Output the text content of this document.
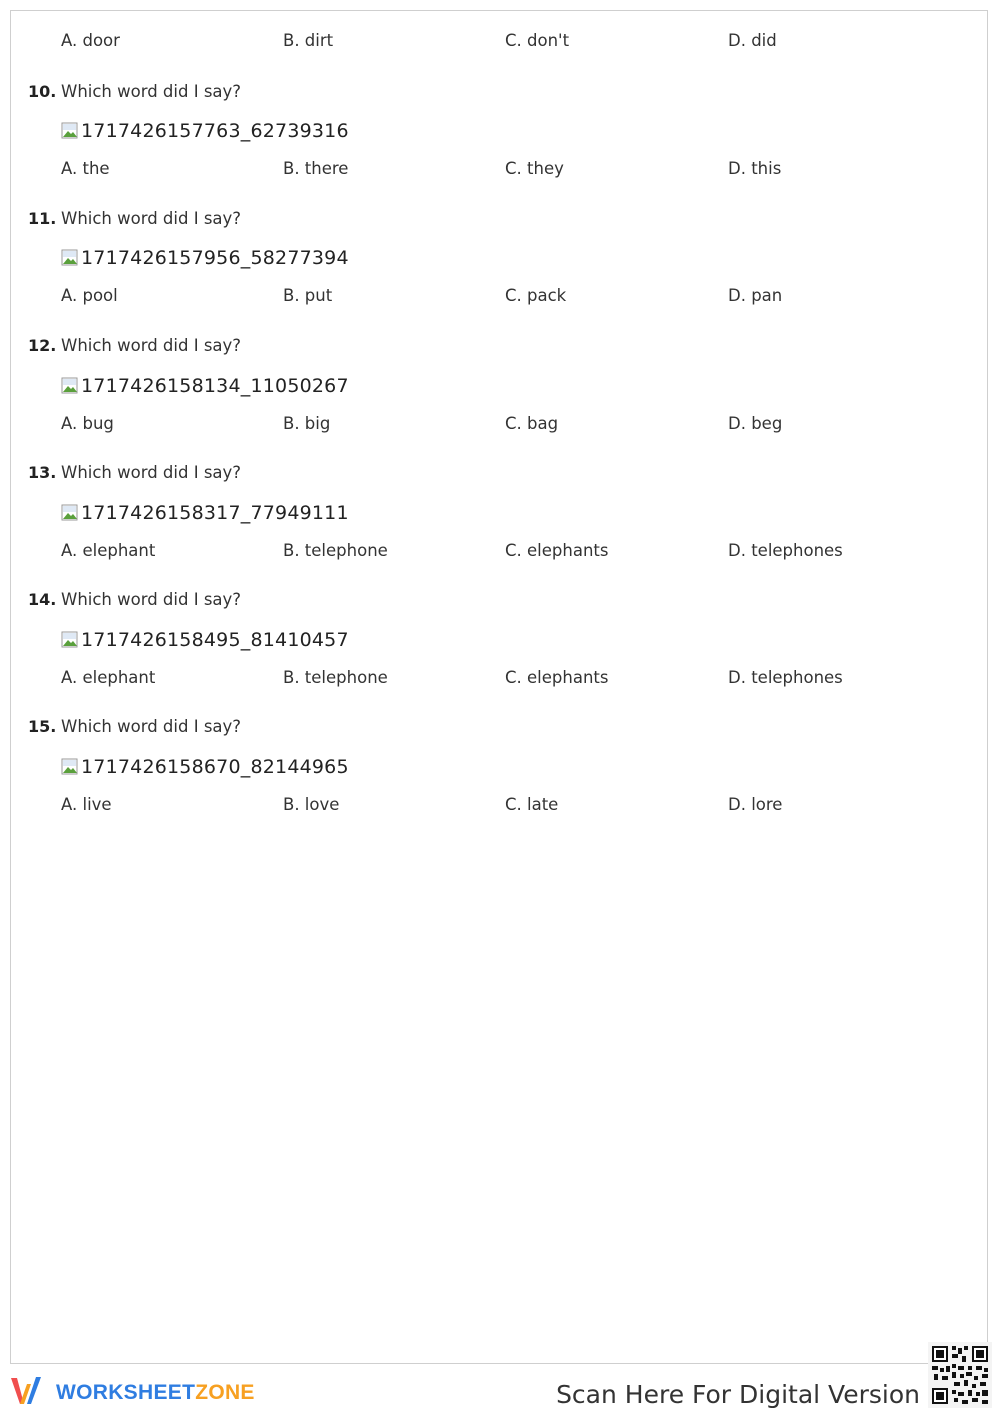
A. door	B. dirt	C. don't	D. did
10. Which word did I say?
1717426157763_62739316
A. the	B. there	C. they	D. this
11. Which word did I say?
1717426157956_58277394
A. pool	B. put	C. pack	D. pan
12. Which word did I say?
1717426158134_11050267
A. bug	B. big	C. bag	D. beg
13. Which word did I say?
1717426158317_77949111
A. elephant	B. telephone	C. elephants	D. telephones
14. Which word did I say?
1717426158495_81410457
A. elephant	B. telephone	C. elephants	D. telephones
15. Which word did I say?
1717426158670_82144965
A. live	B. love	C. late	D. lore
WORKSHEETZONE	Scan Here For Digital Version
